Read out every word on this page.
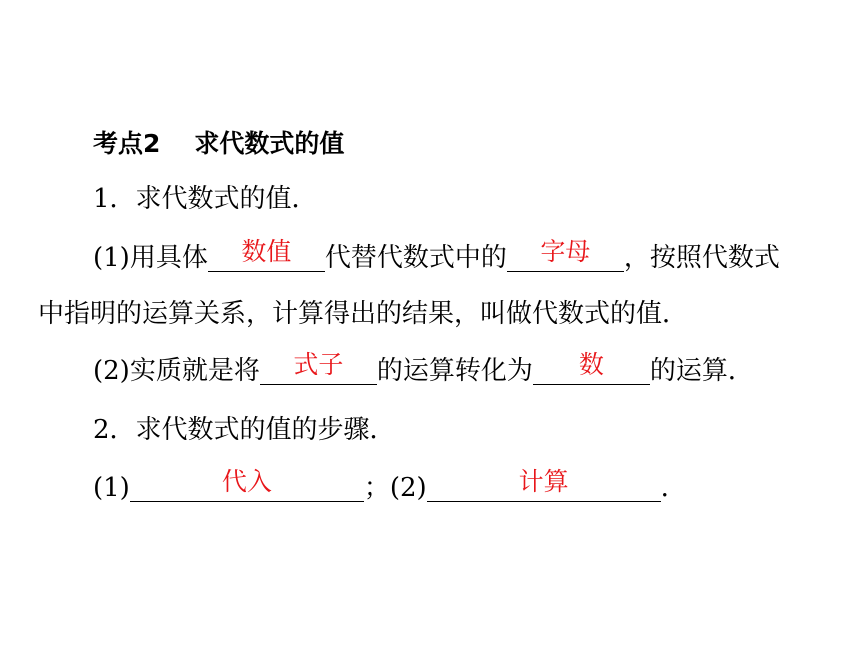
考点2 求代数式的值
1．求代数式的值．
(1)用具体	数值	代替代数式中的	字母	，按照代数式
中指明的运算关系，计算得出的结果，叫做代数式的值．
(2)实质就是将	式子	的运算转化为	数	的运算．
2．求代数式的值的步骤．
(1)	代入	；(2)	计算	．
